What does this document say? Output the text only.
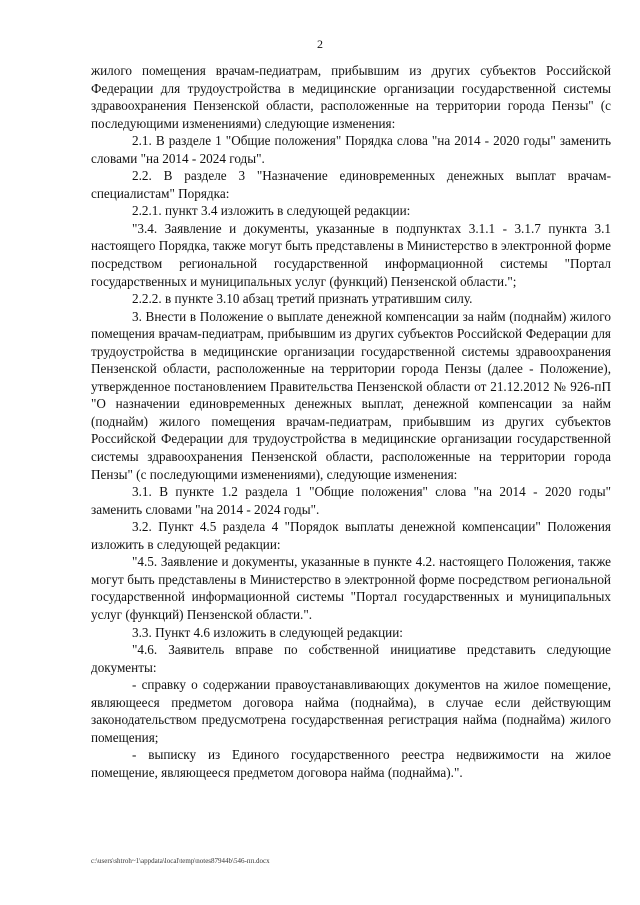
2

жилого помещения врачам-педиатрам, прибывшим из других субъектов Российской Федерации для трудоустройства в медицинские организации государственной системы здравоохранения Пензенской области, расположенные на территории города Пензы" (с последующими изменениями) следующие изменения:

2.1. В разделе 1 "Общие положения" Порядка слова "на 2014 - 2020 годы" заменить словами "на 2014 - 2024 годы".

2.2. В разделе 3 "Назначение единовременных денежных выплат врачам-специалистам" Порядка:

2.2.1. пункт 3.4 изложить в следующей редакции:

"3.4. Заявление и документы, указанные в подпунктах 3.1.1 - 3.1.7 пункта 3.1 настоящего Порядка, также могут быть представлены в Министерство в электронной форме посредством региональной государственной информационной системы "Портал государственных и муниципальных услуг (функций) Пензенской области.";

2.2.2. в пункте 3.10 абзац третий признать утратившим силу.

3. Внести в Положение о выплате денежной компенсации за найм (поднайм) жилого помещения врачам-педиатрам, прибывшим из других субъектов Российской Федерации для трудоустройства в медицинские организации государственной системы здравоохранения Пензенской области, расположенные на территории города Пензы (далее - Положение), утвержденное постановлением Правительства Пензенской области от 21.12.2012 № 926-пП "О назначении единовременных денежных выплат, денежной компенсации за найм (поднайм) жилого помещения врачам-педиатрам, прибывшим из других субъектов Российской Федерации для трудоустройства в медицинские организации государственной системы здравоохранения Пензенской области, расположенные на территории города Пензы" (с последующими изменениями), следующие изменения:

3.1. В пункте 1.2 раздела 1 "Общие положения" слова "на 2014 - 2020 годы" заменить словами "на 2014 - 2024 годы".

3.2. Пункт 4.5 раздела 4 "Порядок выплаты денежной компенсации" Положения изложить в следующей редакции:

"4.5. Заявление и документы, указанные в пункте 4.2. настоящего Положения, также могут быть представлены в Министерство в электронной форме посредством региональной государственной информационной системы "Портал государственных и муниципальных услуг (функций) Пензенской области.".

3.3. Пункт 4.6 изложить в следующей редакции:

"4.6. Заявитель вправе по собственной инициативе представить следующие документы:

- справку о содержании правоустанавливающих документов на жилое помещение, являющееся предметом договора найма (поднайма), в случае если действующим законодательством предусмотрена государственная регистрация найма (поднайма) жилого помещения;

- выписку из Единого государственного реестра недвижимости на жилое помещение, являющееся предметом договора найма (поднайма).".

c:\users\shtroh~1\appdata\local\temp\notes87944b\546-пп.docx
